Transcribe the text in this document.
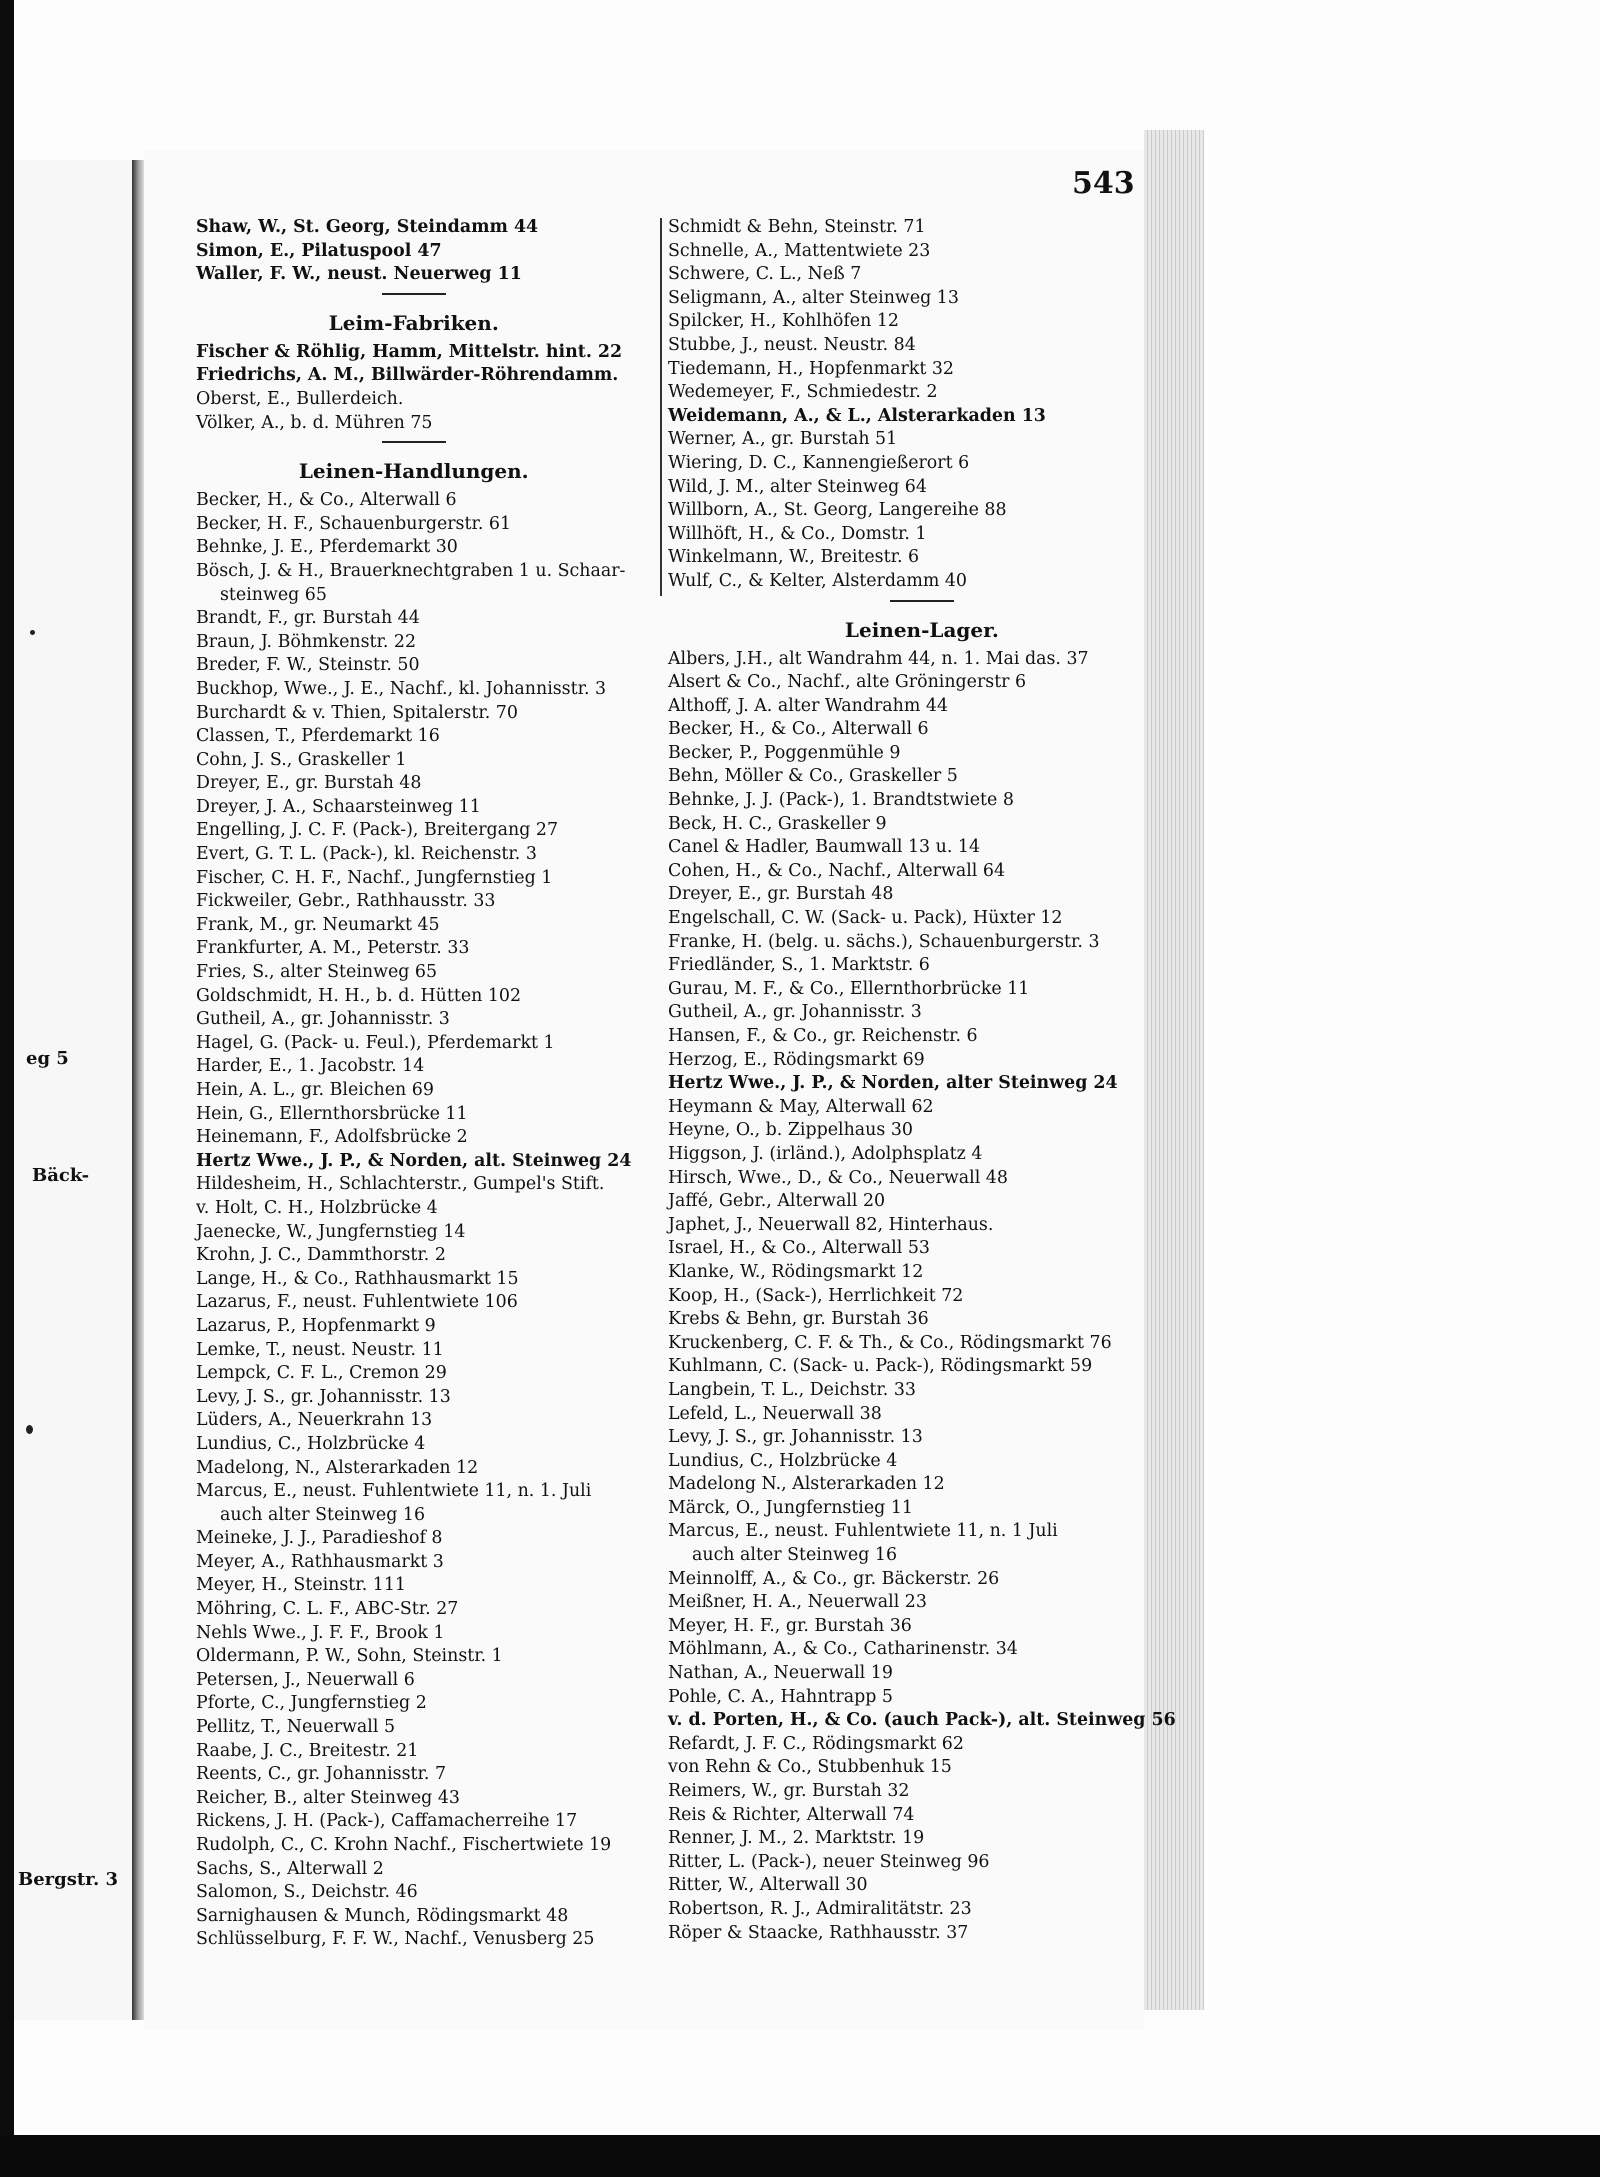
eg 5
Bäck-
Bergstr. 3
543
Shaw, W., St. Georg, Steindamm 44
Simon, E., Pilatuspool 47
Waller, F. W., neust. Neuerweg 11
Leim-Fabriken.
Fischer & Röhlig, Hamm, Mittelstr. hint. 22
Friedrichs, A. M., Billwärder-Röhrendamm.
Oberst, E., Bullerdeich.
Völker, A., b. d. Mühren 75
Leinen-Handlungen.
Becker, H., & Co., Alterwall 6
Becker, H. F., Schauenburgerstr. 61
Behnke, J. E., Pferdemarkt 30
Bösch, J. & H., Brauerknechtgraben 1 u. Schaar-
steinweg 65
Brandt, F., gr. Burstah 44
Braun, J. Böhmkenstr. 22
Breder, F. W., Steinstr. 50
Buckhop, Wwe., J. E., Nachf., kl. Johannisstr. 3
Burchardt & v. Thien, Spitalerstr. 70
Classen, T., Pferdemarkt 16
Cohn, J. S., Graskeller 1
Dreyer, E., gr. Burstah 48
Dreyer, J. A., Schaarsteinweg 11
Engelling, J. C. F. (Pack-), Breitergang 27
Evert, G. T. L. (Pack-), kl. Reichenstr. 3
Fischer, C. H. F., Nachf., Jungfernstieg 1
Fickweiler, Gebr., Rathhausstr. 33
Frank, M., gr. Neumarkt 45
Frankfurter, A. M., Peterstr. 33
Fries, S., alter Steinweg 65
Goldschmidt, H. H., b. d. Hütten 102
Gutheil, A., gr. Johannisstr. 3
Hagel, G. (Pack- u. Feul.), Pferdemarkt 1
Harder, E., 1. Jacobstr. 14
Hein, A. L., gr. Bleichen 69
Hein, G., Ellernthorsbrücke 11
Heinemann, F., Adolfsbrücke 2
Hertz Wwe., J. P., & Norden, alt. Steinweg 24
Hildesheim, H., Schlachterstr., Gumpel's Stift.
v. Holt, C. H., Holzbrücke 4
Jaenecke, W., Jungfernstieg 14
Krohn, J. C., Dammthorstr. 2
Lange, H., & Co., Rathhausmarkt 15
Lazarus, F., neust. Fuhlentwiete 106
Lazarus, P., Hopfenmarkt 9
Lemke, T., neust. Neustr. 11
Lempck, C. F. L., Cremon 29
Levy, J. S., gr. Johannisstr. 13
Lüders, A., Neuerkrahn 13
Lundius, C., Holzbrücke 4
Madelong, N., Alsterarkaden 12
Marcus, E., neust. Fuhlentwiete 11, n. 1. Juli
auch alter Steinweg 16
Meineke, J. J., Paradieshof 8
Meyer, A., Rathhausmarkt 3
Meyer, H., Steinstr. 111
Möhring, C. L. F., ABC-Str. 27
Nehls Wwe., J. F. F., Brook 1
Oldermann, P. W., Sohn, Steinstr. 1
Petersen, J., Neuerwall 6
Pforte, C., Jungfernstieg 2
Pellitz, T., Neuerwall 5
Raabe, J. C., Breitestr. 21
Reents, C., gr. Johannisstr. 7
Reicher, B., alter Steinweg 43
Rickens, J. H. (Pack-), Caffamacherreihe 17
Rudolph, C., C. Krohn Nachf., Fischertwiete 19
Sachs, S., Alterwall 2
Salomon, S., Deichstr. 46
Sarnighausen & Munch, Rödingsmarkt 48
Schlüsselburg, F. F. W., Nachf., Venusberg 25
Schmidt & Behn, Steinstr. 71
Schnelle, A., Mattentwiete 23
Schwere, C. L., Neß 7
Seligmann, A., alter Steinweg 13
Spilcker, H., Kohlhöfen 12
Stubbe, J., neust. Neustr. 84
Tiedemann, H., Hopfenmarkt 32
Wedemeyer, F., Schmiedestr. 2
Weidemann, A., & L., Alsterarkaden 13
Werner, A., gr. Burstah 51
Wiering, D. C., Kannengießerort 6
Wild, J. M., alter Steinweg 64
Willborn, A., St. Georg, Langereihe 88
Willhöft, H., & Co., Domstr. 1
Winkelmann, W., Breitestr. 6
Wulf, C., & Kelter, Alsterdamm 40
Leinen-Lager.
Albers, J.H., alt Wandrahm 44, n. 1. Mai das. 37
Alsert & Co., Nachf., alte Gröningerstr 6
Althoff, J. A. alter Wandrahm 44
Becker, H., & Co., Alterwall 6
Becker, P., Poggenmühle 9
Behn, Möller & Co., Graskeller 5
Behnke, J. J. (Pack-), 1. Brandtstwiete 8
Beck, H. C., Graskeller 9
Canel & Hadler, Baumwall 13 u. 14
Cohen, H., & Co., Nachf., Alterwall 64
Dreyer, E., gr. Burstah 48
Engelschall, C. W. (Sack- u. Pack), Hüxter 12
Franke, H. (belg. u. sächs.), Schauenburgerstr. 3
Friedländer, S., 1. Marktstr. 6
Gurau, M. F., & Co., Ellernthorbrücke 11
Gutheil, A., gr. Johannisstr. 3
Hansen, F., & Co., gr. Reichenstr. 6
Herzog, E., Rödingsmarkt 69
Hertz Wwe., J. P., & Norden, alter Steinweg 24
Heymann & May, Alterwall 62
Heyne, O., b. Zippelhaus 30
Higgson, J. (irländ.), Adolphsplatz 4
Hirsch, Wwe., D., & Co., Neuerwall 48
Jaffé, Gebr., Alterwall 20
Japhet, J., Neuerwall 82, Hinterhaus.
Israel, H., & Co., Alterwall 53
Klanke, W., Rödingsmarkt 12
Koop, H., (Sack-), Herrlichkeit 72
Krebs & Behn, gr. Burstah 36
Kruckenberg, C. F. & Th., & Co., Rödingsmarkt 76
Kuhlmann, C. (Sack- u. Pack-), Rödingsmarkt 59
Langbein, T. L., Deichstr. 33
Lefeld, L., Neuerwall 38
Levy, J. S., gr. Johannisstr. 13
Lundius, C., Holzbrücke 4
Madelong N., Alsterarkaden 12
Märck, O., Jungfernstieg 11
Marcus, E., neust. Fuhlentwiete 11, n. 1 Juli
auch alter Steinweg 16
Meinnolff, A., & Co., gr. Bäckerstr. 26
Meißner, H. A., Neuerwall 23
Meyer, H. F., gr. Burstah 36
Möhlmann, A., & Co., Catharinenstr. 34
Nathan, A., Neuerwall 19
Pohle, C. A., Hahntrapp 5
v. d. Porten, H., & Co. (auch Pack-), alt. Steinweg 56
Refardt, J. F. C., Rödingsmarkt 62
von Rehn & Co., Stubbenhuk 15
Reimers, W., gr. Burstah 32
Reis & Richter, Alterwall 74
Renner, J. M., 2. Marktstr. 19
Ritter, L. (Pack-), neuer Steinweg 96
Ritter, W., Alterwall 30
Robertson, R. J., Admiralitätstr. 23
Röper & Staacke, Rathhausstr. 37
